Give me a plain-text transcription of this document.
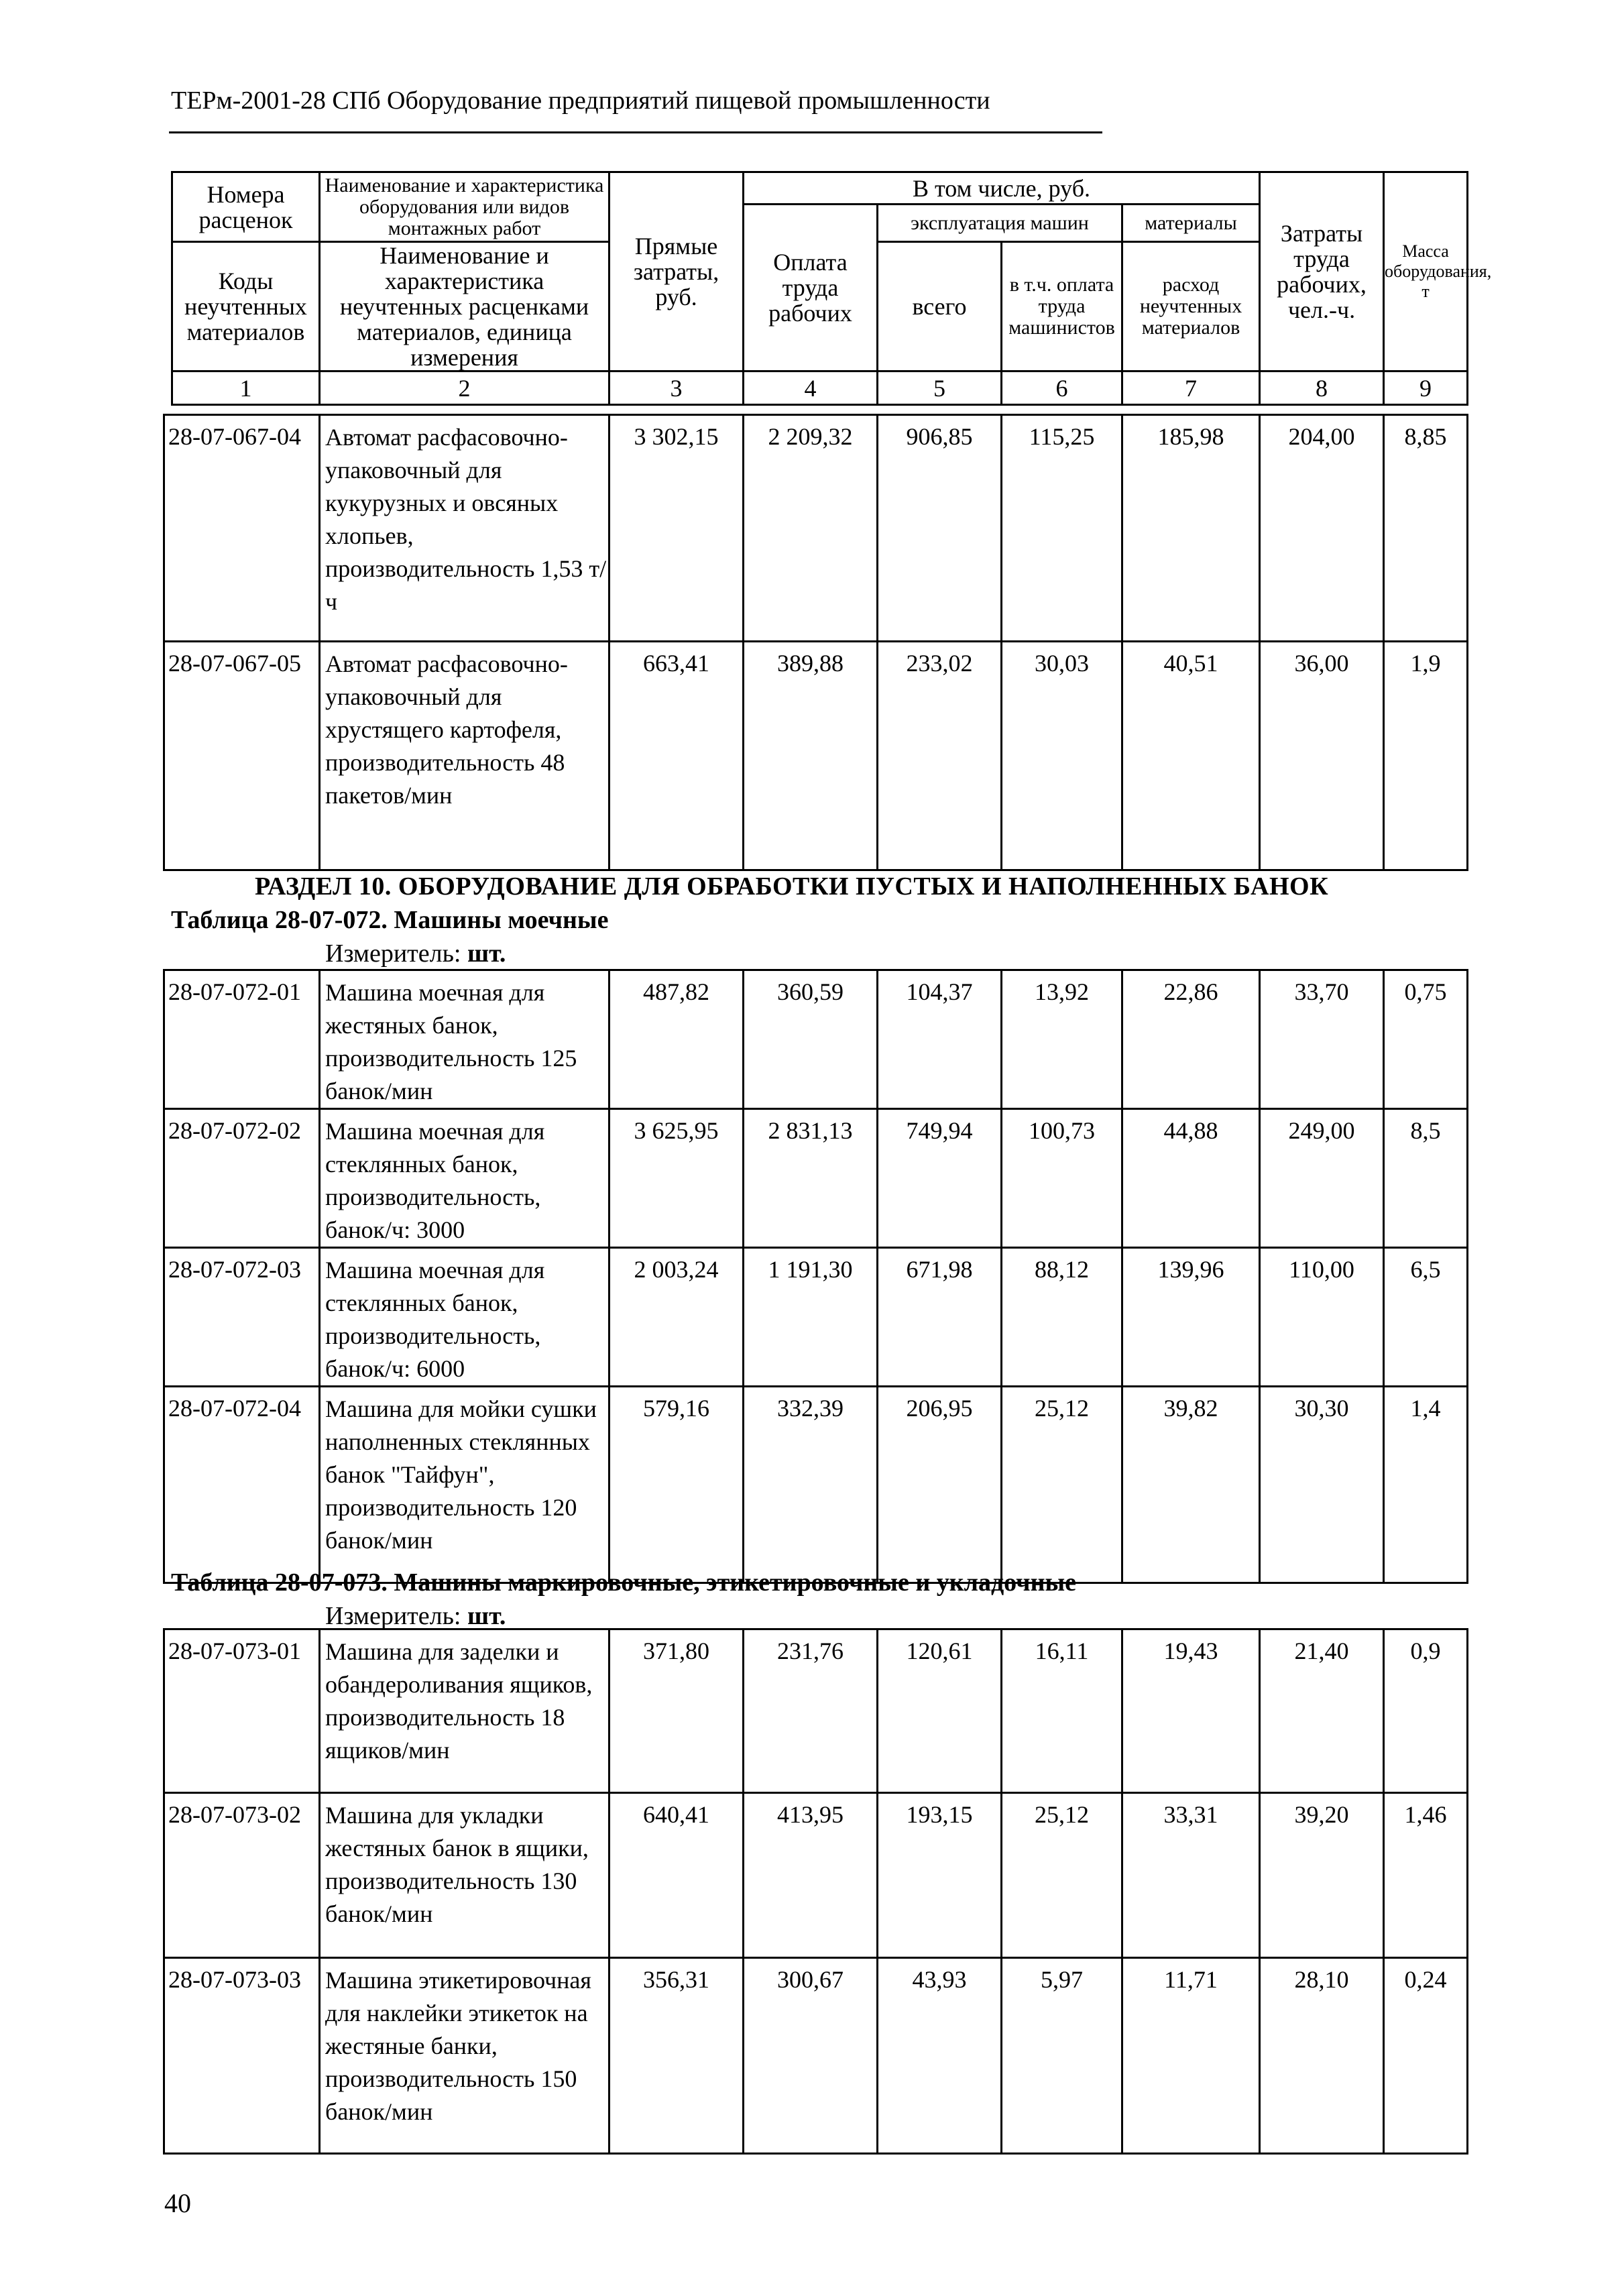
ТЕРм-2001-28 СПб Оборудование предприятий пищевой промышленности
Номера расценок	Наименование и характеристика оборудования или видов монтажных работ	Прямые затраты, руб.	В том числе, руб.				Затраты труда рабочих, чел.-ч.	Масса оборудования, т
			Оплата труда рабочих	эксплуатация машин		материалы		
Коды неучтенных материалов	Наименование и характеристика неучтенных расценками материалов, единица измерения			всего	в т.ч. оплата труда машинистов	расход неучтенных материалов		

1	2	3	4	5	6	7	8	9
28-07-067-04	Автомат расфасовочно-упаковочный для кукурузных и овсяных хлопьев, производительность 1,53 т/ч	3 302,15	2 209,32	906,85	115,25	185,98	204,00	8,85
28-07-067-05	Автомат расфасовочно-упаковочный для хрустящего картофеля, производительность 48 пакетов/мин	663,41	389,88	233,02	30,03	40,51	36,00	1,9
РАЗДЕЛ 10. ОБОРУДОВАНИЕ ДЛЯ ОБРАБОТКИ ПУСТЫХ И НАПОЛНЕННЫХ БАНОК
Таблица 28-07-072. Машины моечные
Измеритель: шт.
28-07-072-01	Машина моечная для жестяных банок, производительность 125 банок/мин	487,82	360,59	104,37	13,92	22,86	33,70	0,75
28-07-072-02	Машина моечная для стеклянных банок, производительность, банок/ч: 3000	3 625,95	2 831,13	749,94	100,73	44,88	249,00	8,5
28-07-072-03	Машина моечная для стеклянных банок, производительность, банок/ч: 6000	2 003,24	1 191,30	671,98	88,12	139,96	110,00	6,5
28-07-072-04	Машина для мойки сушки наполненных стеклянных банок "Тайфун", производительность 120 банок/мин	579,16	332,39	206,95	25,12	39,82	30,30	1,4
Таблица 28-07-073. Машины маркировочные, этикетировочные и укладочные
Измеритель: шт.
28-07-073-01	Машина для заделки и обандероливания ящиков, производительность 18 ящиков/мин	371,80	231,76	120,61	16,11	19,43	21,40	0,9
28-07-073-02	Машина для укладки жестяных банок в ящики, производительность 130 банок/мин	640,41	413,95	193,15	25,12	33,31	39,20	1,46
28-07-073-03	Машина этикетировочная для наклейки этикеток на жестяные банки, производительность 150 банок/мин	356,31	300,67	43,93	5,97	11,71	28,10	0,24
40
